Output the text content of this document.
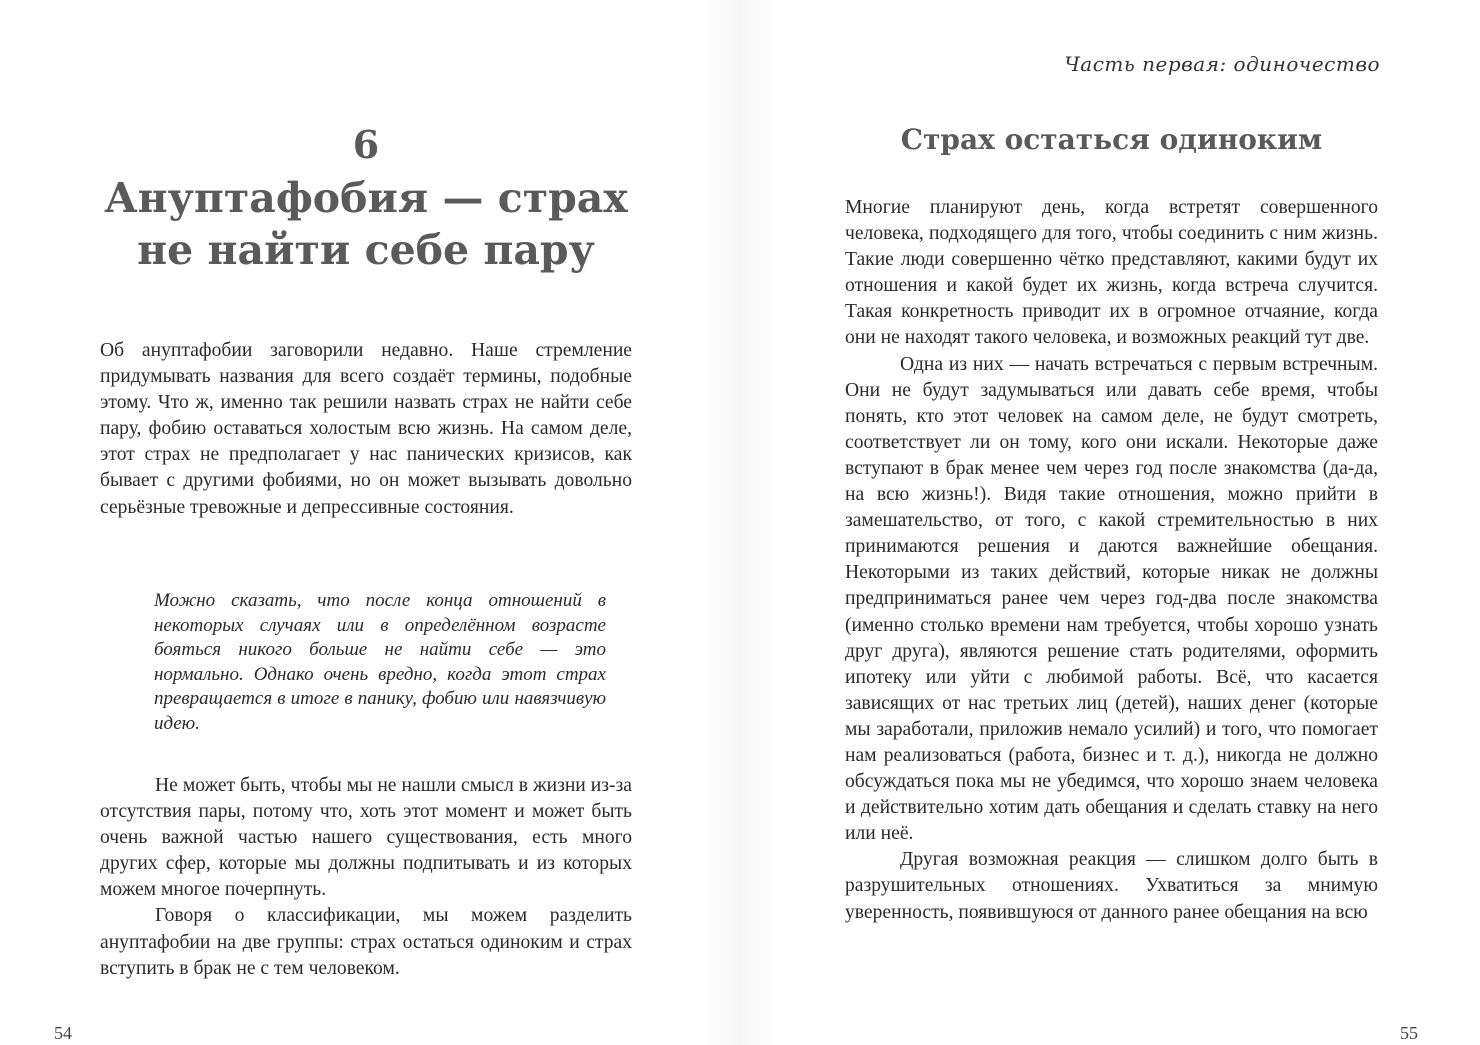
6
Ануптафобия — страх
не найти себе пару

Об ануптафобии заговорили недавно. Наше стремление придумывать названия для всего создаёт термины, подобные этому. Что ж, именно так решили назвать страх не найти себе пару, фобию оставаться холостым всю жизнь. На самом деле, этот страх не предполагает у нас панических кризисов, как бывает с другими фобиями, но он может вызывать довольно серьёзные тревожные и депрессивные состояния.

Можно сказать, что после конца отношений в некоторых случаях или в определённом возрасте бояться никого больше не найти себе — это нормально. Однако очень вредно, когда этот страх превращается в итоге в панику, фобию или навязчивую идею.

Не может быть, чтобы мы не нашли смысл в жизни из-за отсутствия пары, потому что, хоть этот момент и может быть очень важной частью нашего существования, есть много других сфер, которые мы должны подпитывать и из которых можем многое почерпнуть.

Говоря о классификации, мы можем разделить ануптафобии на две группы: страх остаться одиноким и страх вступить в брак не с тем человеком.

54
Часть первая: одиночество
Страх остаться одиноким

Многие планируют день, когда встретят совершенного человека, подходящего для того, чтобы соединить с ним жизнь. Такие люди совершенно чётко представляют, какими будут их отношения и какой будет их жизнь, когда встреча случится. Такая конкретность приводит их в огромное отчаяние, когда они не находят такого человека, и возможных реакций тут две.

Одна из них — начать встречаться с первым встречным. Они не будут задумываться или давать себе время, чтобы понять, кто этот человек на самом деле, не будут смотреть, соответствует ли он тому, кого они искали. Некоторые даже вступают в брак менее чем через год после знакомства (да-да, на всю жизнь!). Видя такие отношения, можно прийти в замешательство, от того, с какой стремительностью в них принимаются решения и даются важнейшие обещания. Некоторыми из таких действий, которые никак не должны предприниматься ранее чем через год-два после знакомства (именно столько времени нам требуется, чтобы хорошо узнать друг друга), являются решение стать родителями, оформить ипотеку или уйти с любимой работы. Всё, что касается зависящих от нас третьих лиц (детей), наших денег (которые мы заработали, приложив немало усилий) и того, что помогает нам реализоваться (работа, бизнес и т. д.), никогда не должно обсуждаться пока мы не убедимся, что хорошо знаем человека и действительно хотим дать обещания и сделать ставку на него или неё.

Другая возможная реакция — слишком долго быть в разрушительных отношениях. Ухватиться за мнимую уверенность, появившуюся от данного ранее обещания на всю

55
